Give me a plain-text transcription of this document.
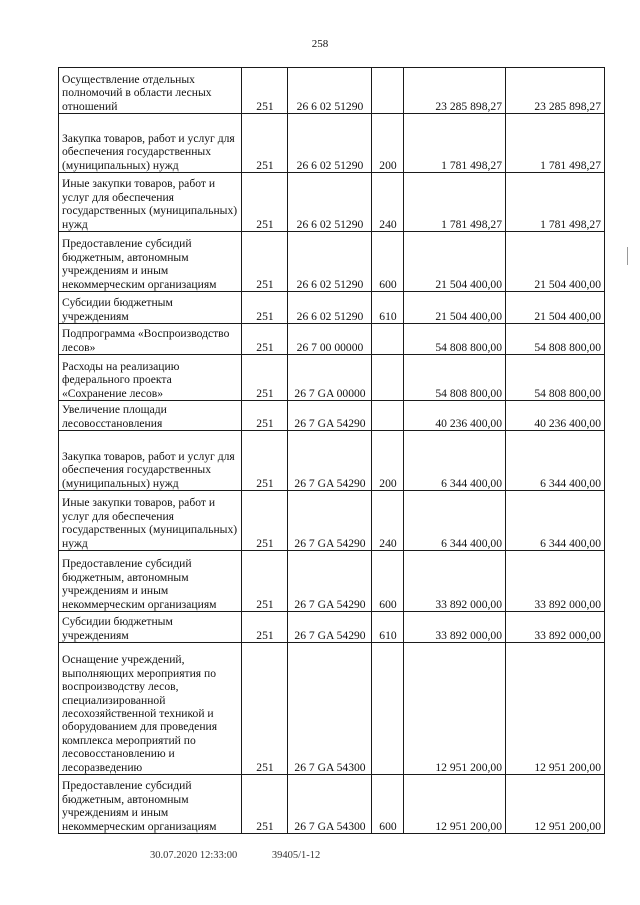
258
Осуществление отдельных полномочий в области лесных отношений	251	26 6 02 51290		23 285 898,27	23 285 898,27
Закупка товаров, работ и услуг для обеспечения государственных (муниципальных) нужд	251	26 6 02 51290	200	1 781 498,27	1 781 498,27
Иные закупки товаров, работ и услуг для обеспечения государственных (муниципальных) нужд	251	26 6 02 51290	240	1 781 498,27	1 781 498,27
Предоставление субсидий бюджетным, автономным учреждениям и иным некоммерческим организациям	251	26 6 02 51290	600	21 504 400,00	21 504 400,00
Субсидии бюджетным учреждениям	251	26 6 02 51290	610	21 504 400,00	21 504 400,00
Подпрограмма «Воспроизводство лесов»	251	26 7 00 00000		54 808 800,00	54 808 800,00
Расходы на реализацию федерального проекта «Сохранение лесов»	251	26 7 GA 00000		54 808 800,00	54 808 800,00
Увеличение площади лесовосстановления	251	26 7 GA 54290		40 236 400,00	40 236 400,00
Закупка товаров, работ и услуг для обеспечения государственных (муниципальных) нужд	251	26 7 GA 54290	200	6 344 400,00	6 344 400,00
Иные закупки товаров, работ и услуг для обеспечения государственных (муниципальных) нужд	251	26 7 GA 54290	240	6 344 400,00	6 344 400,00
Предоставление субсидий бюджетным, автономным учреждениям и иным некоммерческим организациям	251	26 7 GA 54290	600	33 892 000,00	33 892 000,00
Субсидии бюджетным учреждениям	251	26 7 GA 54290	610	33 892 000,00	33 892 000,00
Оснащение учреждений, выполняющих мероприятия по воспроизводству лесов, специализированной лесохозяйственной техникой и оборудованием для проведения комплекса мероприятий по лесовосстановлению и лесоразведению	251	26 7 GA 54300		12 951 200,00	12 951 200,00
Предоставление субсидий бюджетным, автономным учреждениям и иным некоммерческим организациям	251	26 7 GA 54300	600	12 951 200,00	12 951 200,00
30.07.2020 12:33:00	39405/1-12
